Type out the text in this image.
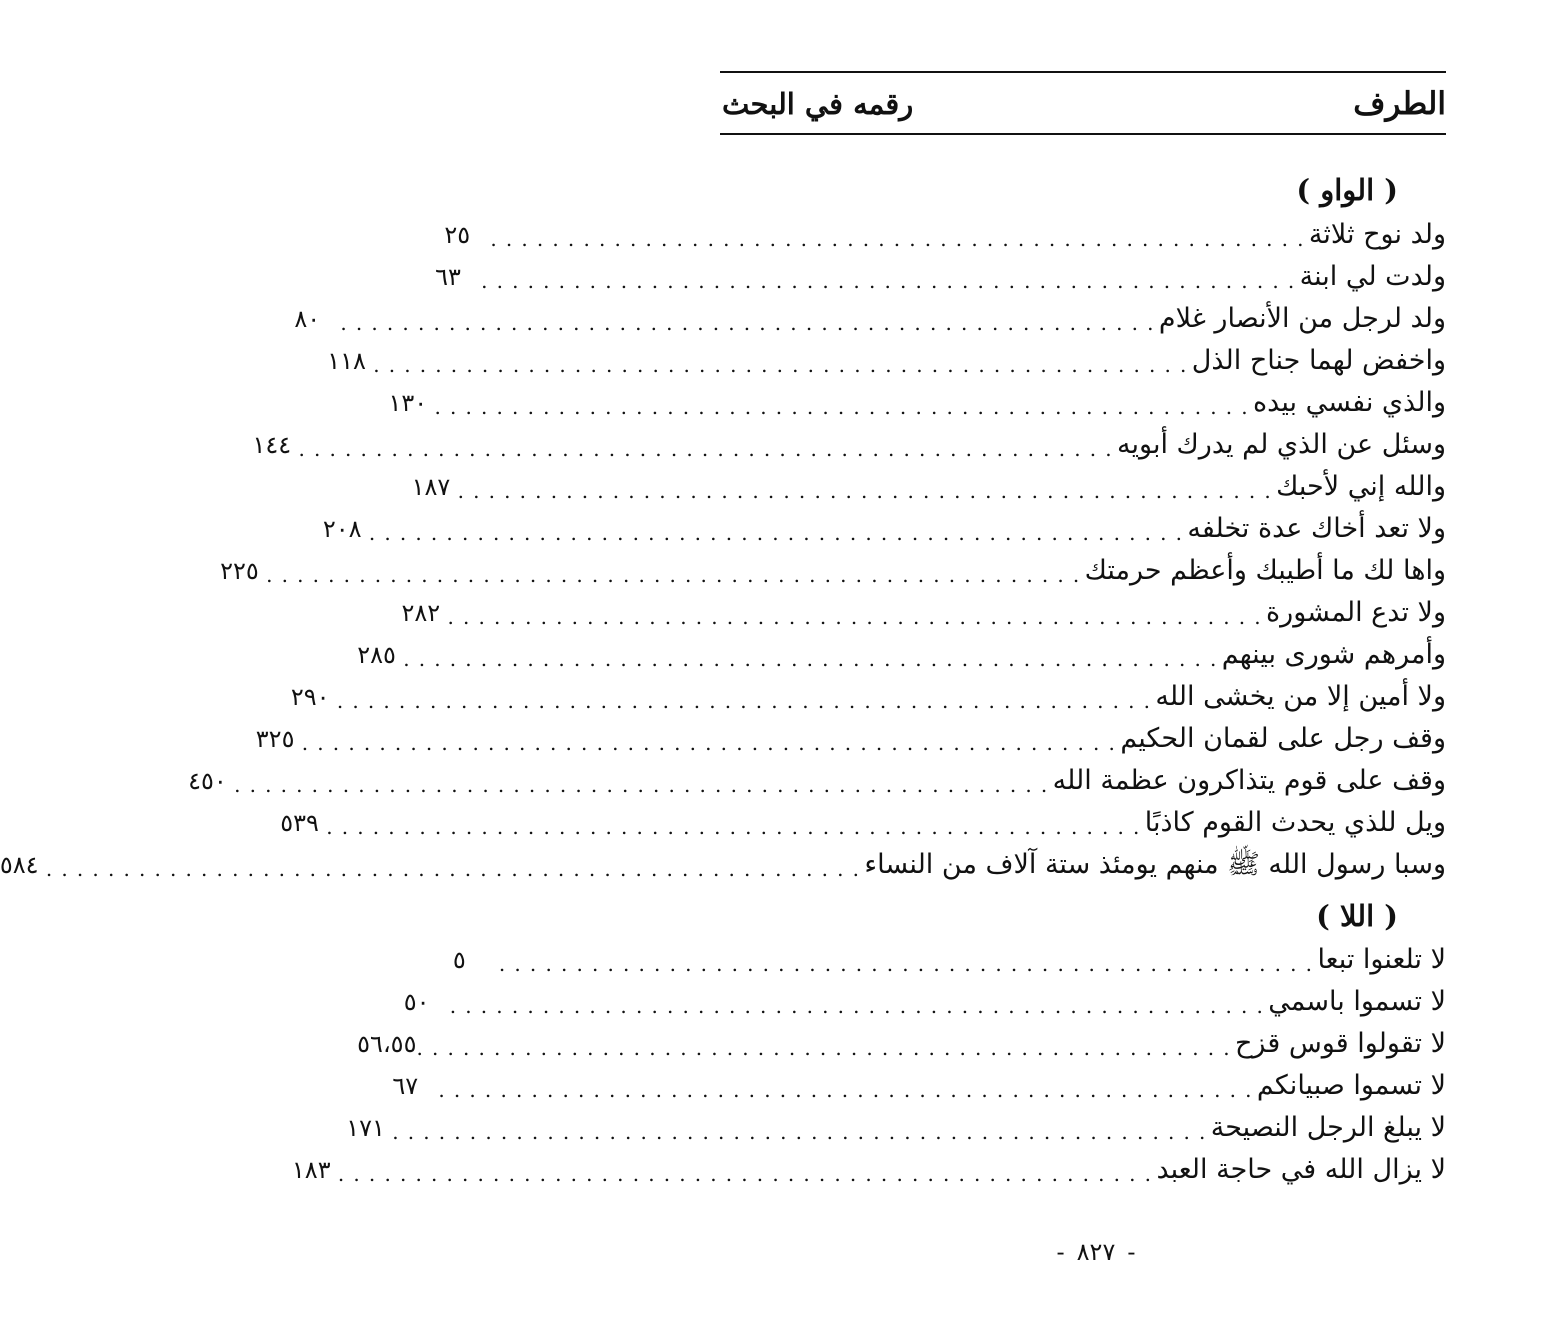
الطرف
رقمه في البحث
( الواو )
ولد نوح ثلاثة
. . . . . . . . . . . . . . . . . . . . . . . . . . . . . . . . . . . . . . . . . . . . . . . . . . . . .
٢٥
ولدت لي ابنة
. . . . . . . . . . . . . . . . . . . . . . . . . . . . . . . . . . . . . . . . . . . . . . . . . . . . .
٦٣
ولد لرجل من الأنصار غلام
. . . . . . . . . . . . . . . . . . . . . . . . . . . . . . . . . . . . . . . . . . . . . . . . . . . . .
٨٠
واخفض لهما جناح الذل
. . . . . . . . . . . . . . . . . . . . . . . . . . . . . . . . . . . . . . . . . . . . . . . . . . . . .
١١٨
والذي نفسي بيده
. . . . . . . . . . . . . . . . . . . . . . . . . . . . . . . . . . . . . . . . . . . . . . . . . . . . .
١٣٠
وسئل عن الذي لم يدرك أبويه
. . . . . . . . . . . . . . . . . . . . . . . . . . . . . . . . . . . . . . . . . . . . . . . . . . . . .
١٤٤
والله إني لأحبك
. . . . . . . . . . . . . . . . . . . . . . . . . . . . . . . . . . . . . . . . . . . . . . . . . . . . .
١٨٧
ولا تعد أخاك عدة تخلفه
. . . . . . . . . . . . . . . . . . . . . . . . . . . . . . . . . . . . . . . . . . . . . . . . . . . . .
٢٠٨
واها لك ما أطيبك وأعظم حرمتك
. . . . . . . . . . . . . . . . . . . . . . . . . . . . . . . . . . . . . . . . . . . . . . . . . . . . .
٢٢٥
ولا تدع المشورة
. . . . . . . . . . . . . . . . . . . . . . . . . . . . . . . . . . . . . . . . . . . . . . . . . . . . .
٢٨٢
وأمرهم شورى بينهم
. . . . . . . . . . . . . . . . . . . . . . . . . . . . . . . . . . . . . . . . . . . . . . . . . . . . .
٢٨٥
ولا أمين إلا من يخشى الله
. . . . . . . . . . . . . . . . . . . . . . . . . . . . . . . . . . . . . . . . . . . . . . . . . . . . .
٢٩٠
وقف رجل على لقمان الحكيم
. . . . . . . . . . . . . . . . . . . . . . . . . . . . . . . . . . . . . . . . . . . . . . . . . . . . .
٣٢٥
وقف على قوم يتذاكرون عظمة الله
. . . . . . . . . . . . . . . . . . . . . . . . . . . . . . . . . . . . . . . . . . . . . . . . . . . . .
٤٥٠
ويل للذي يحدث القوم كاذبًا
. . . . . . . . . . . . . . . . . . . . . . . . . . . . . . . . . . . . . . . . . . . . . . . . . . . . .
٥٣٩
وسبا رسول الله ﷺ منهم يومئذ ستة آلاف من النساء
. . . . . . . . . . . . . . . . . . . . . . . . . . . . . . . . . . . . . . . . . . . . . . . . . . . . .
٥٨٤
( اللا )
لا تلعنوا تبعا
. . . . . . . . . . . . . . . . . . . . . . . . . . . . . . . . . . . . . . . . . . . . . . . . . . . . .
٥
لا تسموا باسمي
. . . . . . . . . . . . . . . . . . . . . . . . . . . . . . . . . . . . . . . . . . . . . . . . . . . . .
٥٠
لا تقولوا قوس قزح
. . . . . . . . . . . . . . . . . . . . . . . . . . . . . . . . . . . . . . . . . . . . . . . . . . . . .
٥٦،٥٥
لا تسموا صبيانكم
. . . . . . . . . . . . . . . . . . . . . . . . . . . . . . . . . . . . . . . . . . . . . . . . . . . . .
٦٧
لا يبلغ الرجل النصيحة
. . . . . . . . . . . . . . . . . . . . . . . . . . . . . . . . . . . . . . . . . . . . . . . . . . . . .
١٧١
لا يزال الله في حاجة العبد
. . . . . . . . . . . . . . . . . . . . . . . . . . . . . . . . . . . . . . . . . . . . . . . . . . . . .
١٨٣
-٨٢٧-
